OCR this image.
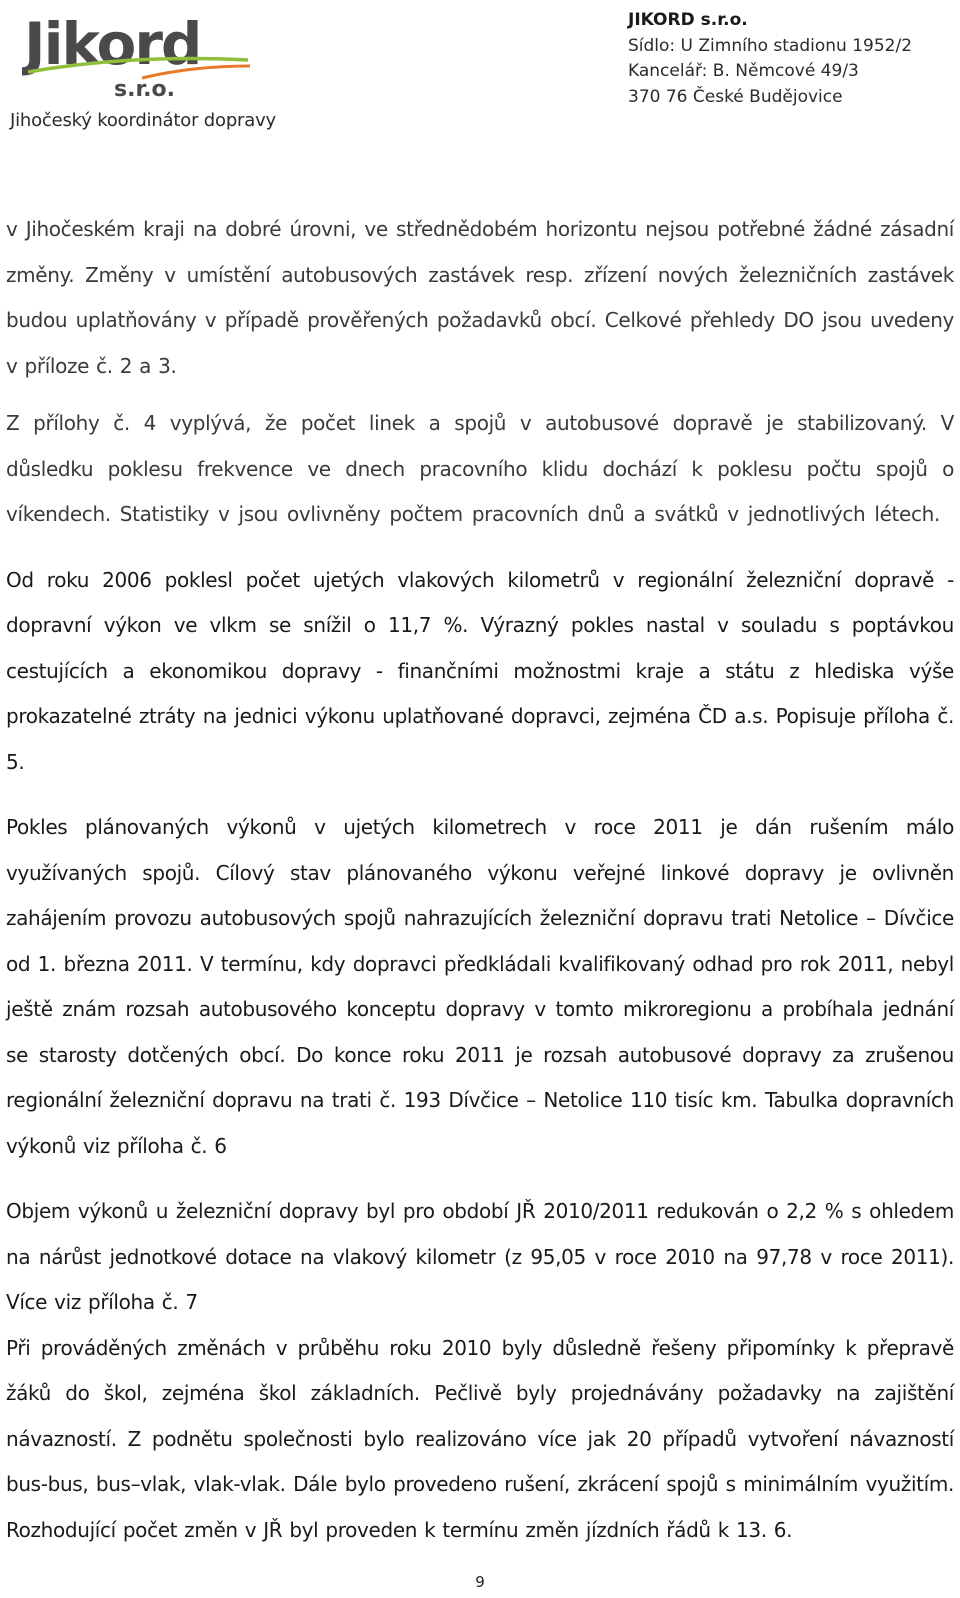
Jikord
s.r.o.
Jihočeský koordinátor dopravy
JIKORD s.r.o.
Sídlo: U Zimního stadionu 1952/2
Kancelář: B. Němcové 49/3
370 76 České Budějovice

v Jihočeském kraji na dobré úrovni, ve střednědobém horizontu nejsou potřebné žádné zásadní změny. Změny v umístění autobusových zastávek resp. zřízení nových železničních zastávek budou uplatňovány v případě prověřených požadavků obcí. Celkové přehledy DO jsou uvedeny v příloze č. 2 a 3.

Z přílohy č. 4 vyplývá, že počet linek a spojů v autobusové dopravě je stabilizovaný. V důsledku poklesu frekvence ve dnech pracovního klidu dochází k poklesu počtu spojů o víkendech. Statistiky v jsou ovlivněny počtem pracovních dnů a svátků v jednotlivých létech.

Od roku 2006 poklesl počet ujetých vlakových kilometrů v regionální železniční dopravě - dopravní výkon ve vlkm se snížil o 11,7 %. Výrazný pokles nastal v souladu s poptávkou cestujících a ekonomikou dopravy - finančními možnostmi kraje a státu z hlediska výše prokazatelné ztráty na jednici výkonu uplatňované dopravci, zejména ČD a.s. Popisuje příloha č. 5.

Pokles plánovaných výkonů v ujetých kilometrech v roce 2011 je dán rušením málo využívaných spojů. Cílový stav plánovaného výkonu veřejné linkové dopravy je ovlivněn zahájením provozu autobusových spojů nahrazujících železniční dopravu trati Netolice – Dívčice od 1. března 2011. V termínu, kdy dopravci předkládali kvalifikovaný odhad pro rok 2011, nebyl ještě znám rozsah autobusového konceptu dopravy v tomto mikroregionu a probíhala jednání se starosty dotčených obcí. Do konce roku 2011 je rozsah autobusové dopravy za zrušenou regionální železniční dopravu na trati č. 193 Dívčice – Netolice 110 tisíc km. Tabulka dopravních výkonů viz příloha č. 6

Objem výkonů u železniční dopravy byl pro období JŘ 2010/2011 redukován o 2,2 % s ohledem na nárůst jednotkové dotace na vlakový kilometr (z 95,05 v roce 2010 na 97,78 v roce 2011). Více viz příloha č. 7

Při prováděných změnách v průběhu roku 2010 byly důsledně řešeny připomínky k přepravě žáků do škol, zejména škol základních. Pečlivě byly projednávány požadavky na zajištění návazností. Z podnětu společnosti bylo realizováno více jak 20 případů vytvoření návazností bus-bus, bus–vlak, vlak-vlak. Dále bylo provedeno rušení, zkrácení spojů s minimálním využitím. Rozhodující počet změn v JŘ byl proveden k termínu změn jízdních řádů k 13. 6.

9
